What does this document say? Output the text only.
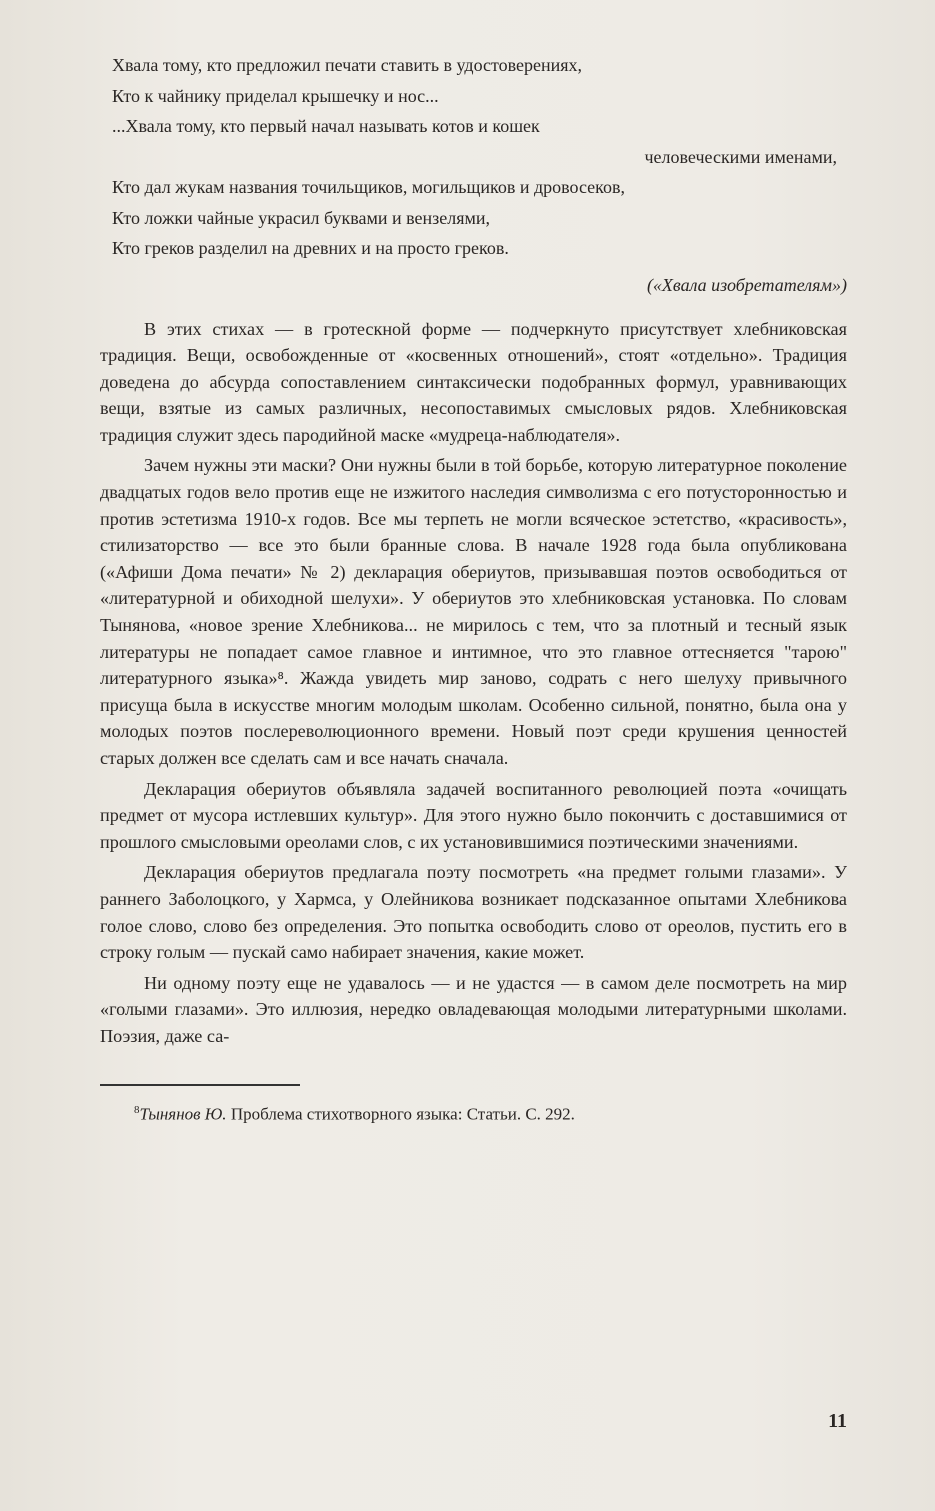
Хвала тому, кто предложил печати ставить в удостоверениях,
Кто к чайнику приделал крышечку и нос...
...Хвала тому, кто первый начал называть котов и кошек
человеческими именами,
Кто дал жукам названия точильщиков, могильщиков и дровосеков,
Кто ложки чайные украсил буквами и вензелями,
Кто греков разделил на древних и на просто греков.
(«Хвала изобретателям»)

В этих стихах — в гротескной форме — подчеркнуто присутствует хлебниковская традиция. Вещи, освобожденные от «косвенных отношений», стоят «отдельно». Традиция доведена до абсурда сопоставлением синтаксически подобранных формул, уравнивающих вещи, взятые из самых различных, несопоставимых смысловых рядов. Хлебниковская традиция служит здесь пародийной маске «мудреца-наблюдателя».

Зачем нужны эти маски? Они нужны были в той борьбе, которую литературное поколение двадцатых годов вело против еще не изжитого наследия символизма с его потусторонностью и против эстетизма 1910-х годов. Все мы терпеть не могли всяческое эстетство, «красивость», стилизаторство — все это были бранные слова. В начале 1928 года была опубликована («Афиши Дома печати» № 2) декларация обериутов, призывавшая поэтов освободиться от «литературной и обиходной шелухи». У обериутов это хлебниковская установка. По словам Тынянова, «новое зрение Хлебникова... не мирилось с тем, что за плотный и тесный язык литературы не попадает самое главное и интимное, что это главное оттесняется "тарою" литературного языка»⁸. Жажда увидеть мир заново, содрать с него шелуху привычного присуща была в искусстве многим молодым школам. Особенно сильной, понятно, была она у молодых поэтов послереволюционного времени. Новый поэт среди крушения ценностей старых должен все сделать сам и все начать сначала.

Декларация обериутов объявляла задачей воспитанного революцией поэта «очищать предмет от мусора истлевших культур». Для этого нужно было покончить с доставшимися от прошлого смысловыми ореолами слов, с их установившимися поэтическими значениями.

Декларация обериутов предлагала поэту посмотреть «на предмет голыми глазами». У раннего Заболоцкого, у Хармса, у Олейникова возникает подсказанное опытами Хлебникова голое слово, слово без определения. Это попытка освободить слово от ореолов, пустить его в строку голым — пускай само набирает значения, какие может.

Ни одному поэту еще не удавалось — и не удастся — в самом деле посмотреть на мир «голыми глазами». Это иллюзия, нередко овладевающая молодыми литературными школами. Поэзия, даже са-

$^8$Тынянов Ю. Проблема стихотворного языка: Статьи. С. 292.
11
